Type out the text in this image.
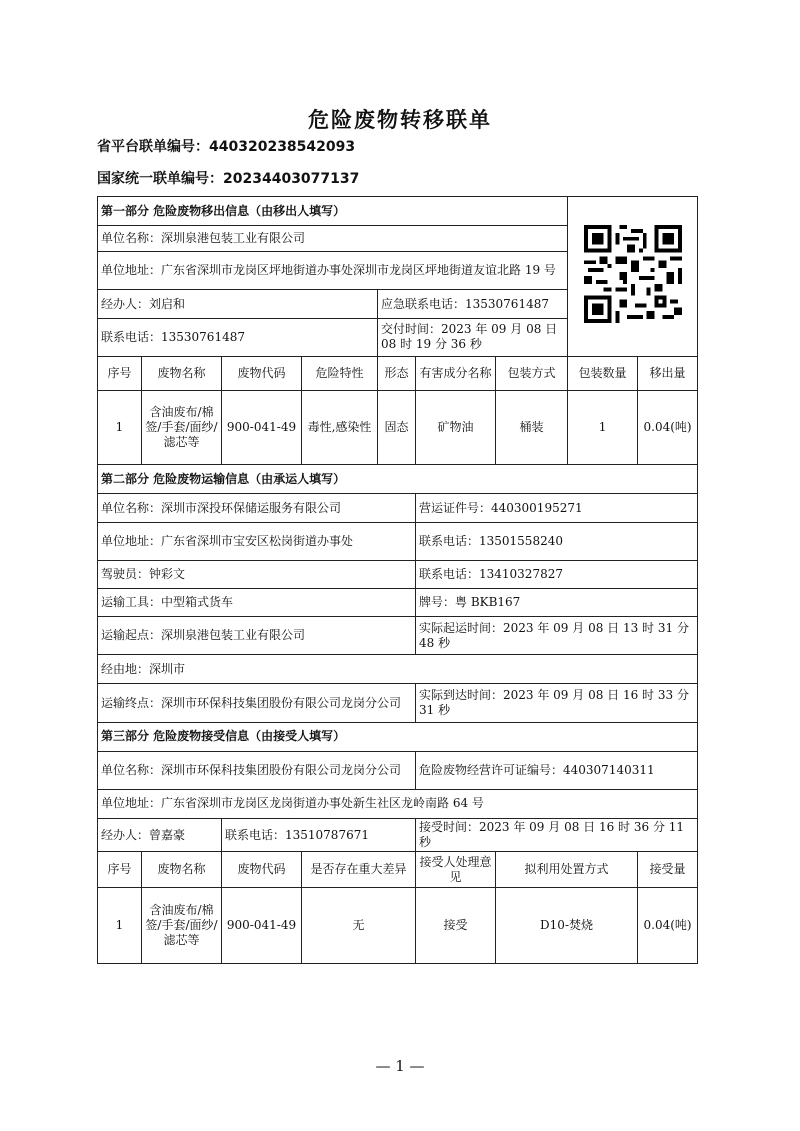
危险废物转移联单
省平台联单编号：440320238542093
国家统一联单编号：20234403077137
第一部分 危险废物移出信息（由移出人填写）	
单位名称：深圳泉港包装工业有限公司								
单位地址：广东省深圳市龙岗区坪地街道办事处深圳市龙岗区坪地街道友谊北路 19 号								
经办人：刘启和				应急联系电话：13530761487				
联系电话：13530761487				交付时间：2023 年 09 月 08 日 08 时 19 分 36 秒				
序号	废物名称	废物代码	危险特性	形态	有害成分名称	包装方式	包装数量	移出量
1	含油废布/棉签/手套/面纱/滤芯等	900-041-49	毒性,感染性	固态	矿物油	桶装	1	0.04(吨)
第二部分 危险废物运输信息（由承运人填写）								
单位名称：深圳市深投环保储运服务有限公司					营运证件号：440300195271			
单位地址：广东省深圳市宝安区松岗街道办事处					联系电话：13501558240			
驾驶员：钟彩文					联系电话：13410327827			
运输工具：中型箱式货车					牌号：粤 BKB167			
运输起点：深圳泉港包装工业有限公司					实际起运时间：2023 年 09 月 08 日 13 时 31 分 48 秒			
经由地：深圳市								
运输终点：深圳市环保科技集团股份有限公司龙岗分公司					实际到达时间：2023 年 09 月 08 日 16 时 33 分 31 秒			
第三部分 危险废物接受信息（由接受人填写）								
单位名称：深圳市环保科技集团股份有限公司龙岗分公司					危险废物经营许可证编号：440307140311			
单位地址：广东省深圳市龙岗区龙岗街道办事处新生社区龙岭南路 64 号								
经办人：曾嘉豪		联系电话：13510787671			接受时间：2023 年 09 月 08 日 16 时 36 分 11 秒			
序号	废物名称	废物代码	是否存在重大差异		接受人处理意见	拟利用处置方式		接受量
1	含油废布/棉签/手套/面纱/滤芯等	900-041-49	无		接受	D10-焚烧		0.04(吨)
— 1 —
